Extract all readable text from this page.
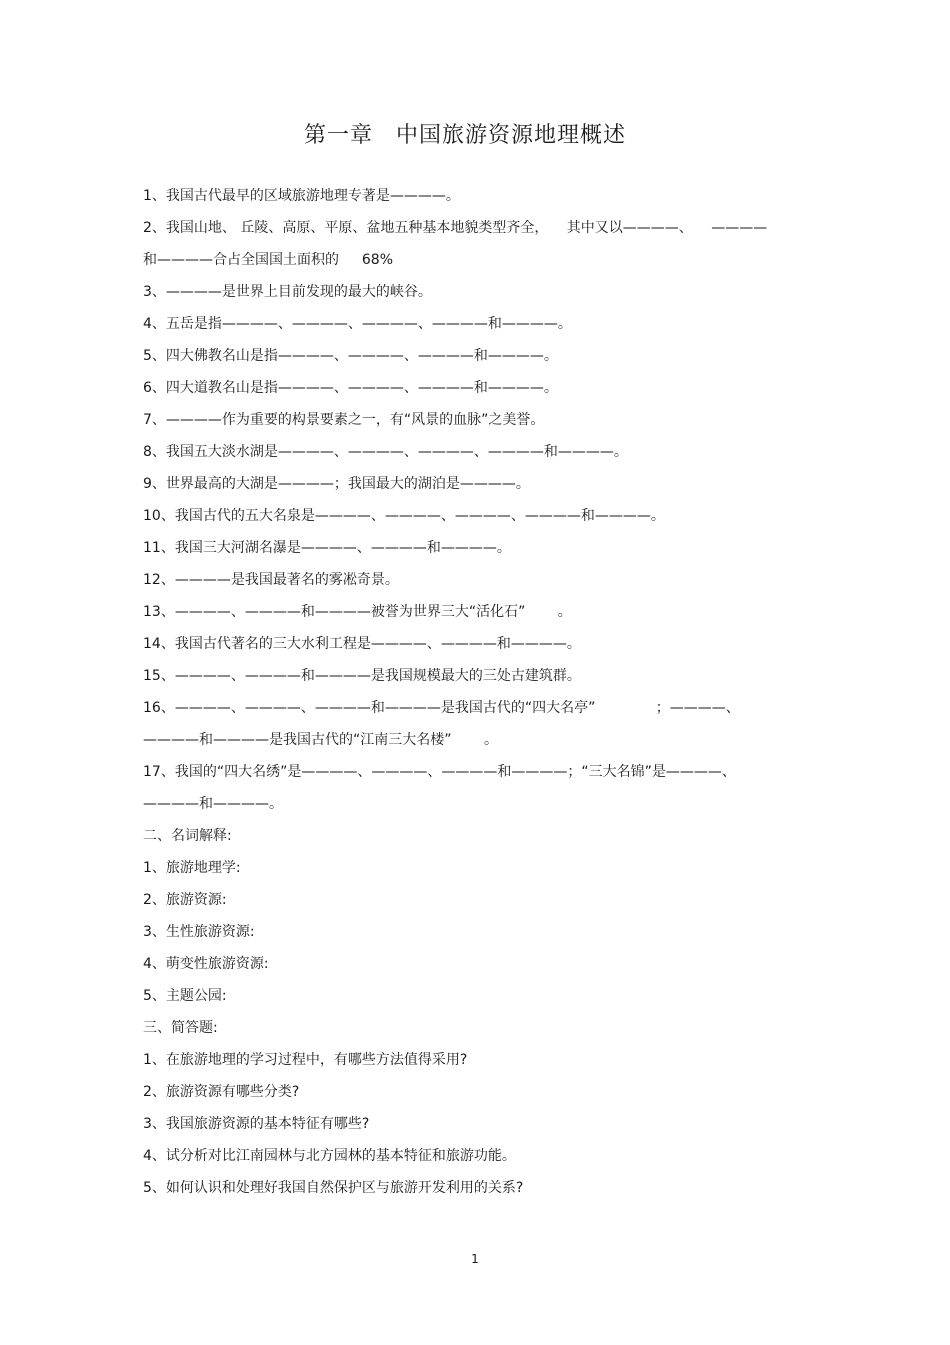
第一章　中国旅游资源地理概述
1、我国古代最早的区域旅游地理专著是————。
2、我国山地、 丘陵、高原、平原、盆地五种基本地貌类型齐全， 　其中又以————、 　————
和————合占全国国土面积的 　 68%
3、————是世界上目前发现的最大的峡谷。
4、五岳是指————、————、————、————和————。
5、四大佛教名山是指————、————、————和————。
6、四大道教名山是指————、————、————和————。
7、————作为重要的构景要素之一，有“风景的血脉”之美誉。
8、我国五大淡水湖是————、————、————、————和————。
9、世界最高的大湖是————；我国最大的湖泊是————。
10、我国古代的五大名泉是————、————、————、————和————。
11、我国三大河湖名瀑是————、————和————。
12、————是我国最著名的雾凇奇景。
13、————、————和————被誉为世界三大“活化石” 　　。
14、我国古代著名的三大水利工程是————、————和————。
15、————、————和————是我国规模最大的三处古建筑群。
16、————、————、————和————是我国古代的“四大名亭” 　　　　；————、
————和————是我国古代的“江南三大名楼” 　　。
17、我国的“四大名绣”是————、————、————和————；“三大名锦”是————、
————和————。
二、名词解释:
1、旅游地理学:
2、旅游资源:
3、生性旅游资源:
4、萌变性旅游资源:
5、主题公园:
三、简答题:
1、在旅游地理的学习过程中，有哪些方法值得采用?
2、旅游资源有哪些分类?
3、我国旅游资源的基本特征有哪些?
4、试分析对比江南园林与北方园林的基本特征和旅游功能。
5、如何认识和处理好我国自然保护区与旅游开发利用的关系?
1
